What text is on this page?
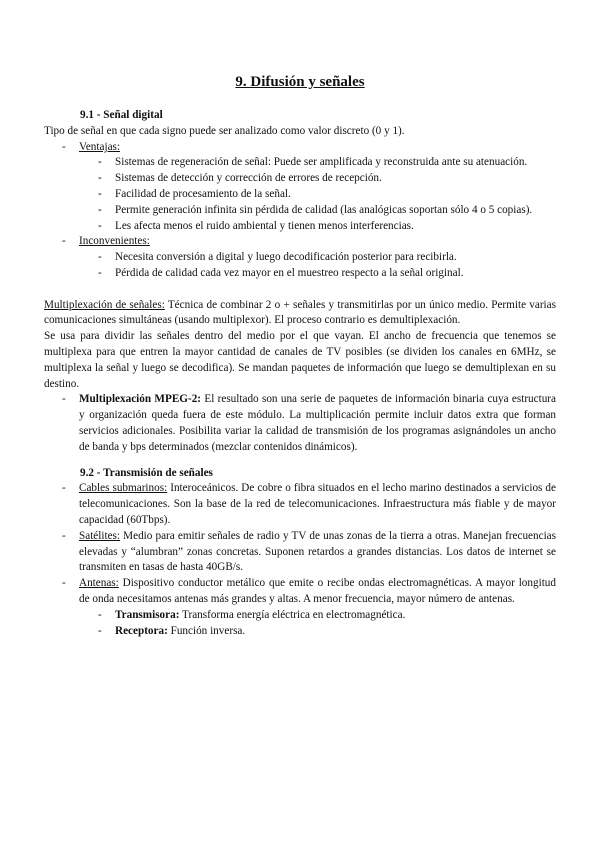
9. Difusión y señales
9.1 - Señal digital

Tipo de señal en que cada signo puede ser analizado como valor discreto (0 y 1).

- Ventajas:
- Sistemas de regeneración de señal: Puede ser amplificada y reconstruida ante su atenuación.
- Sistemas de detección y corrección de errores de recepción.
- Facilidad de procesamiento de la señal.
- Permite generación infinita sin pérdida de calidad (las analógicas soportan sólo 4 o 5 copias).
- Les afecta menos el ruido ambiental y tienen menos interferencias.
- Inconvenientes:
- Necesita conversión a digital y luego decodificación posterior para recibirla.
- Pérdida de calidad cada vez mayor en el muestreo respecto a la señal original.

Multiplexación de señales: Técnica de combinar 2 o + señales y transmitirlas por un único medio. Permite varias comunicaciones simultáneas (usando multiplexor). El proceso contrario es demultiplexación.

Se usa para dividir las señales dentro del medio por el que vayan. El ancho de frecuencia que tenemos se multiplexa para que entren la mayor cantidad de canales de TV posibles (se dividen los canales en 6MHz, se multiplexa la señal y luego se decodifica). Se mandan paquetes de información que luego se demultiplexan en su destino.

- Multiplexación MPEG-2: El resultado son una serie de paquetes de información binaria cuya estructura y organización queda fuera de este módulo. La multiplicación permite incluir datos extra que forman servicios adicionales. Posibilita variar la calidad de transmisión de los programas asignándoles un ancho de banda y bps determinados (mezclar contenidos dinámicos).
9.2 - Transmisión de señales
- Cables submarinos: Interoceánicos. De cobre o fibra situados en el lecho marino destinados a servicios de telecomunicaciones. Son la base de la red de telecomunicaciones. Infraestructura más fiable y de mayor capacidad (60Tbps).
- Satélites: Medio para emitir señales de radio y TV de unas zonas de la tierra a otras. Manejan frecuencias elevadas y “alumbran” zonas concretas. Suponen retardos a grandes distancias. Los datos de internet se transmiten en tasas de hasta 40GB/s.
- Antenas: Dispositivo conductor metálico que emite o recibe ondas electromagnéticas. A mayor longitud de onda necesitamos antenas más grandes y altas. A menor frecuencia, mayor número de antenas.
- Transmisora: Transforma energía eléctrica en electromagnética.
- Receptora: Función inversa.
